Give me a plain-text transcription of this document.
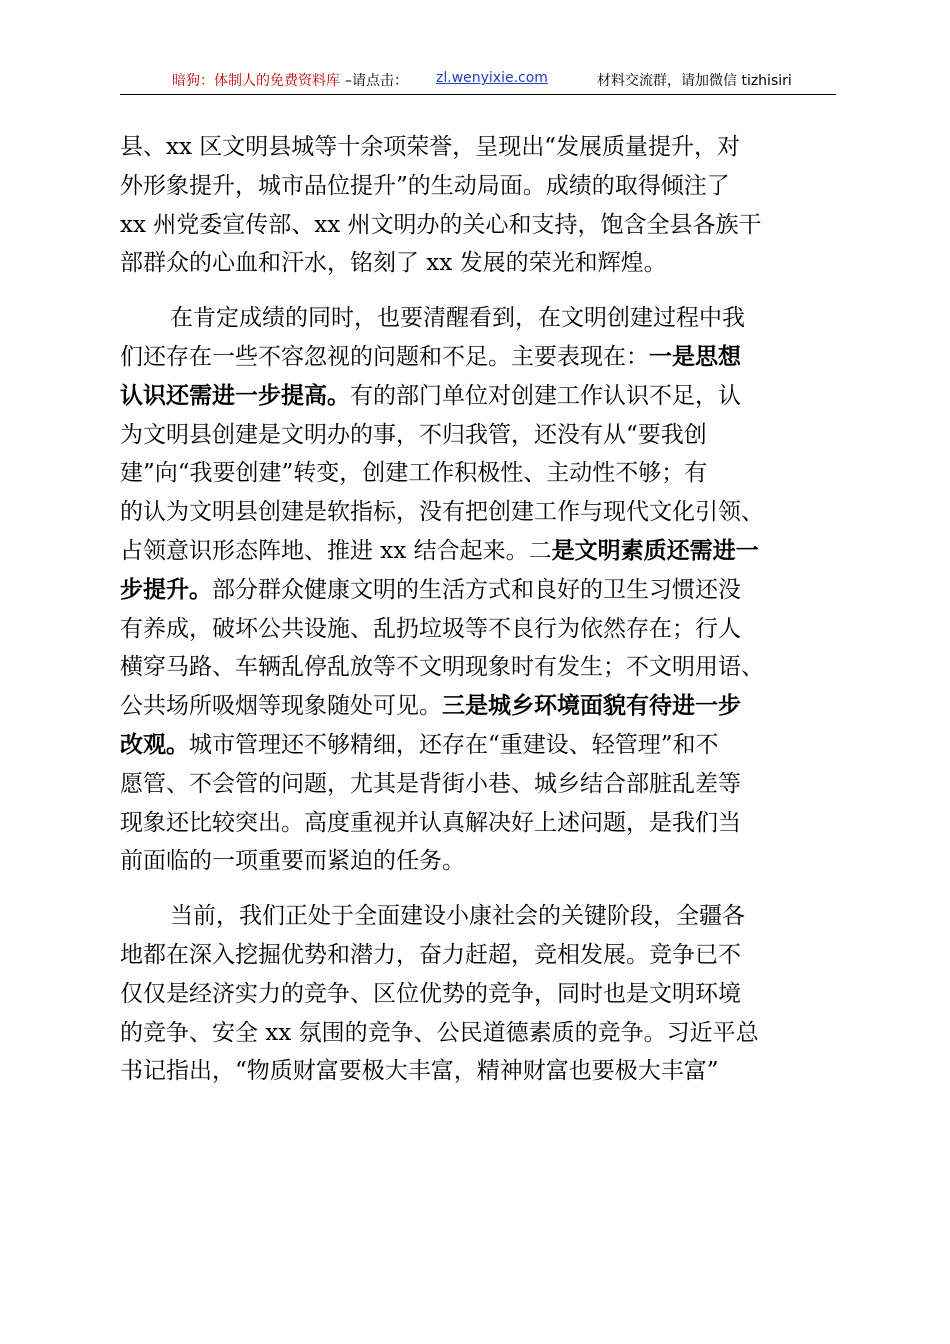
暗狗：体制人的免费资料库 –请点击： zl.wenyixie.com	材料交流群，请加微信 tizhisiri
县、xx 区文明县城等十余项荣誉，呈现出“发展质量提升，对
外形象提升，城市品位提升”的生动局面。成绩的取得倾注了
xx 州党委宣传部、xx 州文明办的关心和支持，饱含全县各族干
部群众的心血和汗水，铭刻了 xx 发展的荣光和辉煌。
在肯定成绩的同时，也要清醒看到，在文明创建过程中我
们还存在一些不容忽视的问题和不足。主要表现在：一是思想
认识还需进一步提高。有的部门单位对创建工作认识不足，认
为文明县创建是文明办的事，不归我管，还没有从“要我创
建”向“我要创建”转变，创建工作积极性、主动性不够；有
的认为文明县创建是软指标，没有把创建工作与现代文化引领、
占领意识形态阵地、推进 xx 结合起来。二是文明素质还需进一
步提升。部分群众健康文明的生活方式和良好的卫生习惯还没
有养成，破坏公共设施、乱扔垃圾等不良行为依然存在；行人
横穿马路、车辆乱停乱放等不文明现象时有发生；不文明用语、
公共场所吸烟等现象随处可见。三是城乡环境面貌有待进一步
改观。城市管理还不够精细，还存在“重建设、轻管理”和不
愿管、不会管的问题，尤其是背街小巷、城乡结合部脏乱差等
现象还比较突出。高度重视并认真解决好上述问题，是我们当
前面临的一项重要而紧迫的任务。
当前，我们正处于全面建设小康社会的关键阶段，全疆各
地都在深入挖掘优势和潜力，奋力赶超，竞相发展。竞争已不
仅仅是经济实力的竞争、区位优势的竞争，同时也是文明环境
的竞争、安全 xx 氛围的竞争、公民道德素质的竞争。习近平总
书记指出，“物质财富要极大丰富，精神财富也要极大丰富”
